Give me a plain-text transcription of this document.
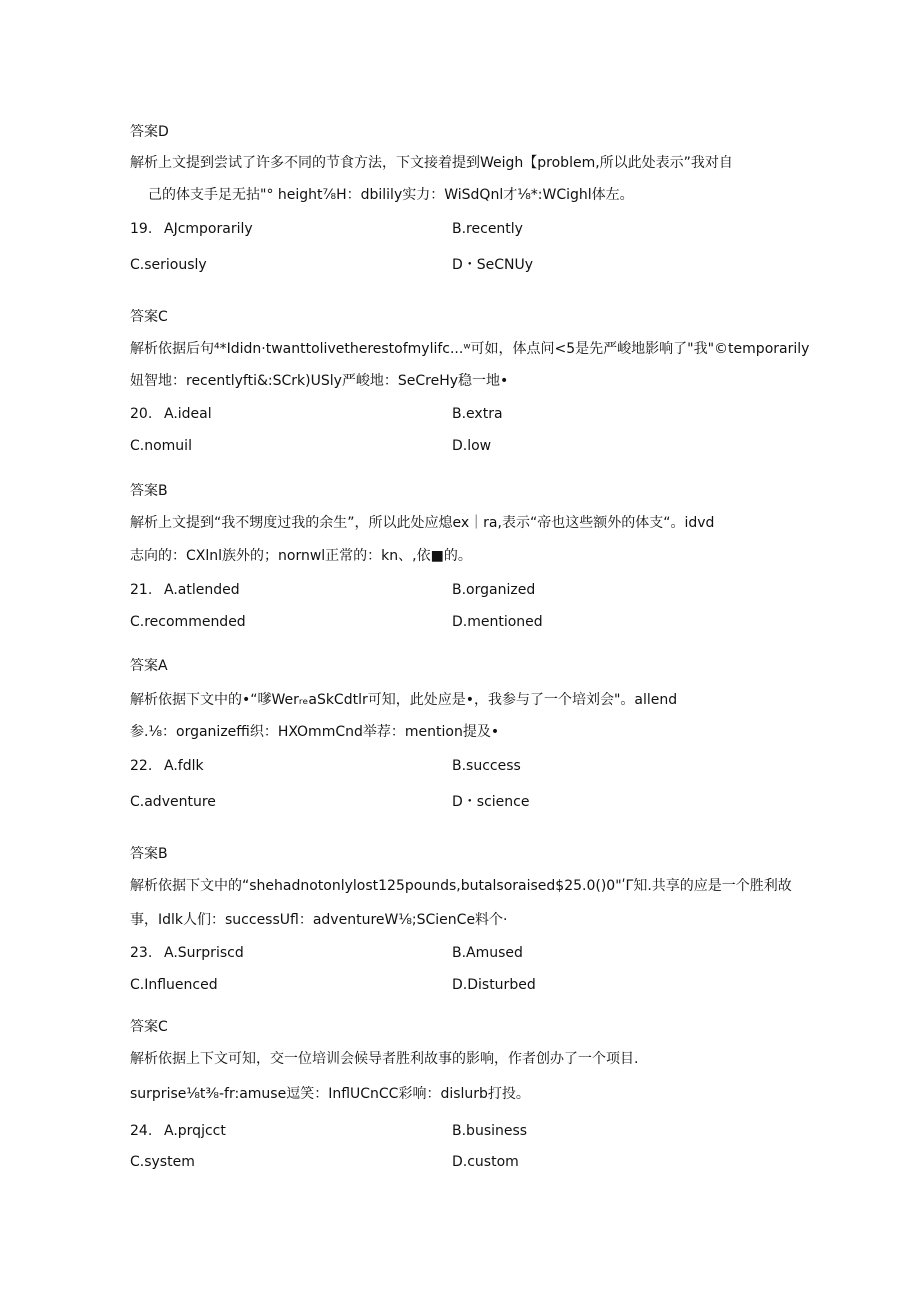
答案D
解析上文提到尝试了许多不同的节食方法，下文接着提到Weigh【problem,所以此处表示”我对自
己的体支手足无拈"° height⅞H：dbilily实力：WiSdQnl才⅛*:WCighl体左。
19. AJcmporarily	B.recently
C.seriously	D・SeCNUy
答案C
解析依据后句⁴*Ididn·twanttolivetherestofmylifc...ʷ可如，体点问<5是先严峻地影响了"我"©temporarily
妞智地：recentlyfti&:SCrk)USly严峻地：SeCreHy稳一地•
20. A.ideal	B.extra
C.nomuil	D.low
答案B
解析上文提到“我不甥度过我的余生”，所以此处应熄ex｜ra,表示“帝也这些额外的体支“。idvd
志向的：CXlnl族外的；nornwl正常的：kn、,依■的。
21. A.atlended	B.organized
C.recommended	D.mentioned
答案A
解析依据下文中的•“嗲WerᵣₑaSkCdtlr可知，此处应是•，我参与了一个培刘会"。allend
参.⅛：organizeffi织：HXOmmCnd举荐：mention提及•
22. A.fdlk	B.success
C.adventure	D・science
答案B
解析依据下文中的“shehadnotonlylost125pounds,butalsoraised$25.0()0"ʹΓ知.共享的应是一个胜利故
事，Idlk人们：successUfl：adventureW⅛;SCienCe料个·
23. A.Surpriscd	B.Amused
C.Influenced	D.Disturbed
答案C
解析依据上下文可知，交一位培训会候导者胜利故事的影响，作者创办了一个项目.
surprise⅛t⅜-fr:amuse逗笑：InflUCnCC彩响：dislurb打投。
24. A.prqjcct	B.business
C.system	D.custom
